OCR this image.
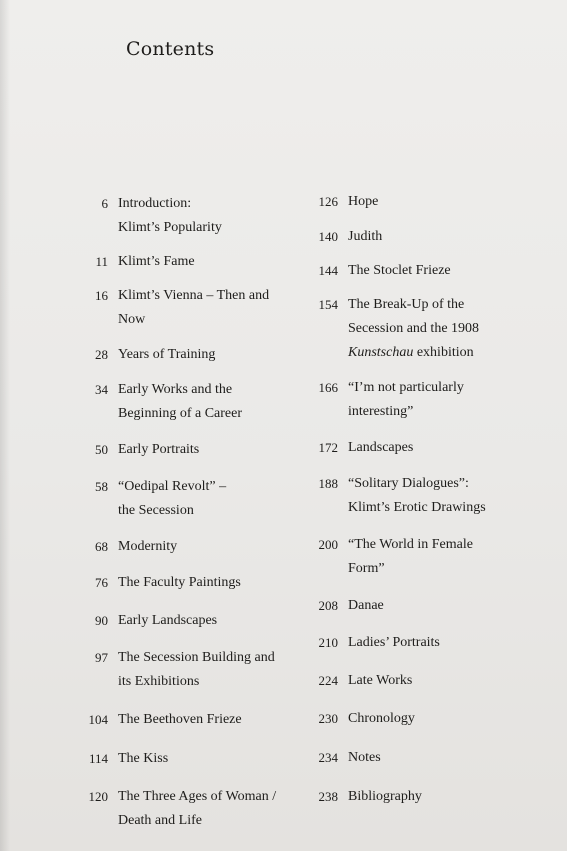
Contents
6 Introduction:
Klimt’s Popularity
11 Klimt’s Fame
16 Klimt’s Vienna – Then and
Now
28 Years of Training
34 Early Works and the
Beginning of a Career
50 Early Portraits
58 “Oedipal Revolt” –
the Secession
68 Modernity
76 The Faculty Paintings
90 Early Landscapes
97 The Secession Building and
its Exhibitions
104 The Beethoven Frieze
114 The Kiss
120 The Three Ages of Woman /
Death and Life
126 Hope
140 Judith
144 The Stoclet Frieze
154 The Break-Up of the
Secession and the 1908
Kunstschau exhibition
166 “I’m not particularly
interesting”
172 Landscapes
188 “Solitary Dialogues”:
Klimt’s Erotic Drawings
200 “The World in Female
Form”
208 Danae
210 Ladies’ Portraits
224 Late Works
230 Chronology
234 Notes
238 Bibliography
